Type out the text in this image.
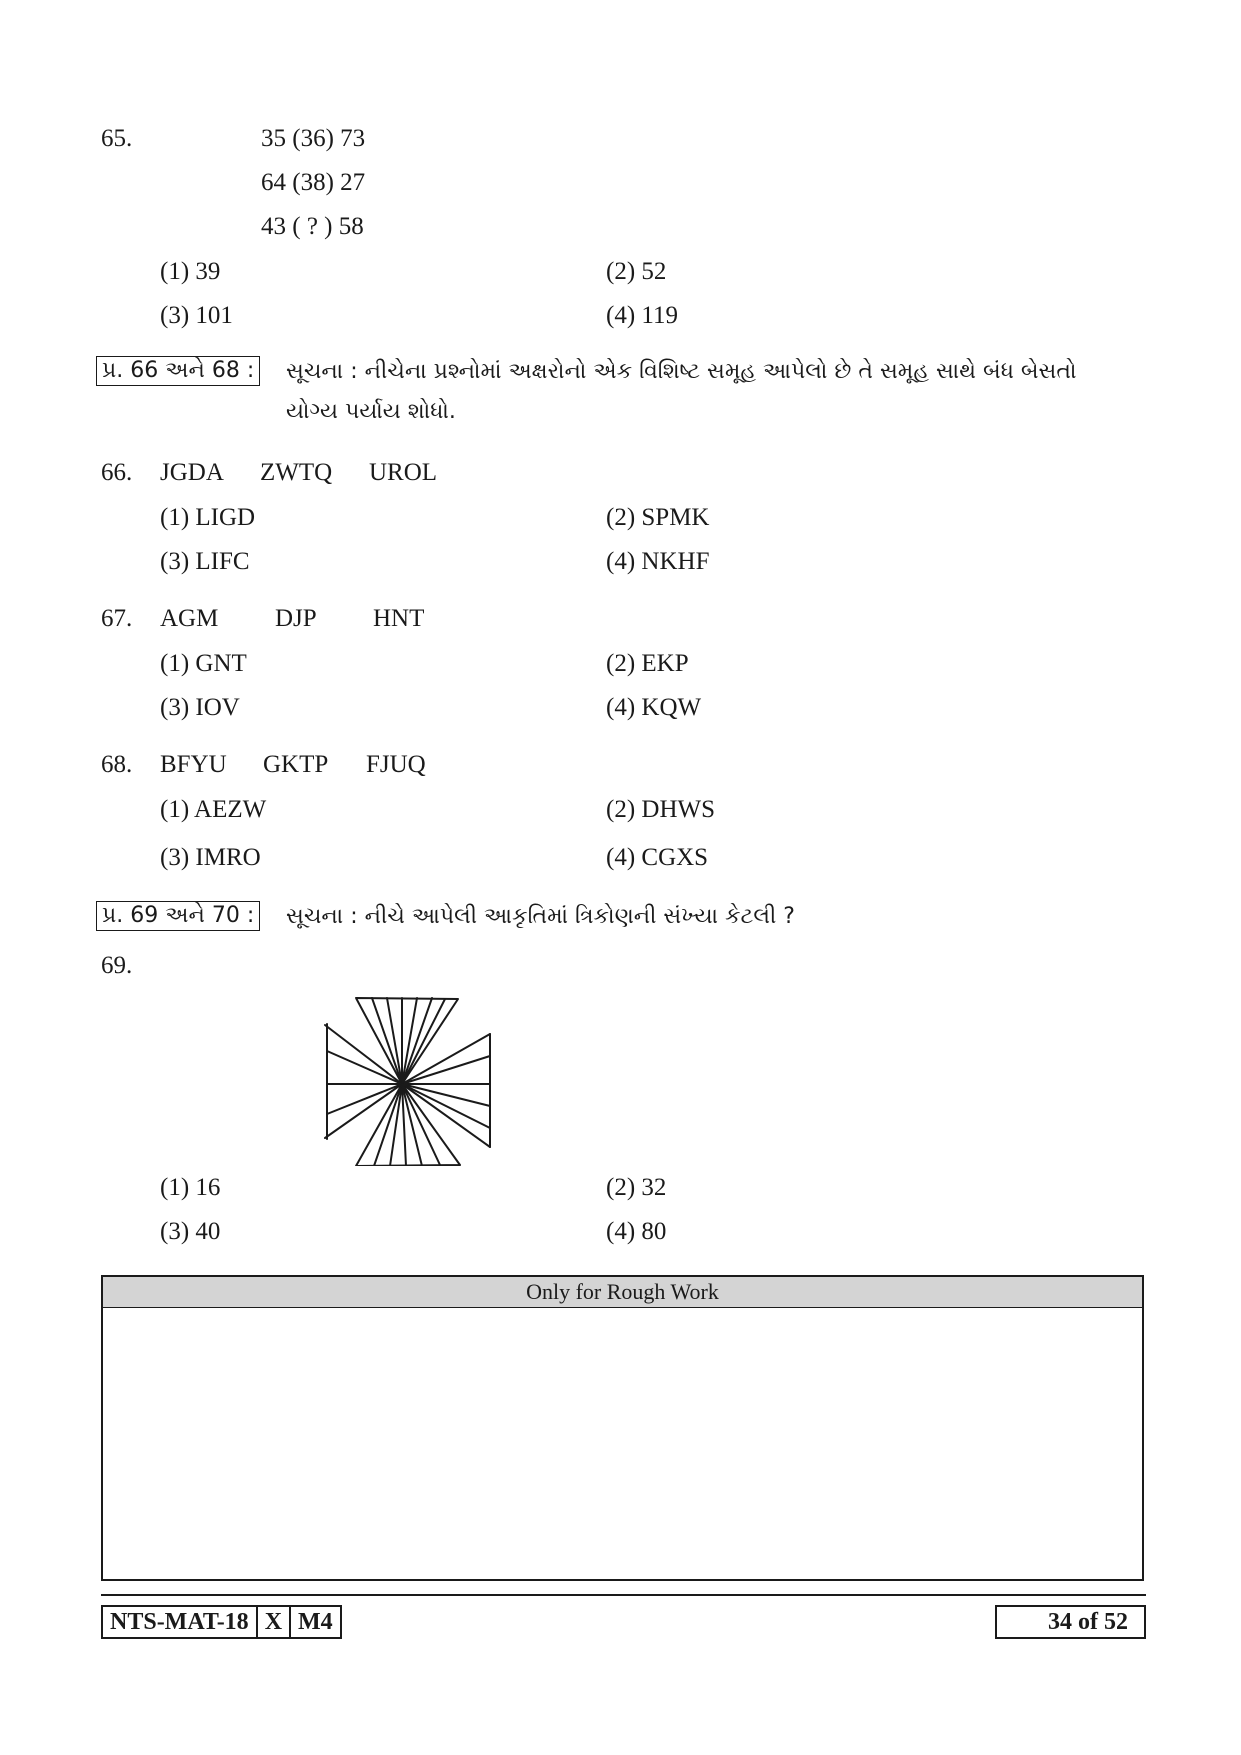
65.	35 (36) 73
64 (38) 27
43 ( ? ) 58
(1) 39	(2) 52
(3) 101	(4) 119
પ્ર. 66 અને 68 : સૂચના : નીચેના પ્રશ્નોમાં અક્ષરોનો એક વિશિષ્ટ સમૂહ આપેલો છે તે સમૂહ સાથે બંધ બેસતો
યોગ્ય પર્યાય શોધો.
66. JGDA ZWTQ UROL
(1) LIGD	(2) SPMK
(3) LIFC	(4) NKHF
67. AGM DJP HNT
(1) GNT	(2) EKP
(3) IOV	(4) KQW
68. BFYU GKTP FJUQ
(1) AEZW	(2) DHWS
(3) IMRO	(4) CGXS
પ્ર. 69 અને 70 : સૂચના : નીચે આપેલી આકૃતિમાં ત્રિકોણની સંખ્યા કેટલી ?
69.
(1) 16	(2) 32
(3) 40	(4) 80
Only for Rough Work
NTS-MAT-18 X M4	34 of 52
